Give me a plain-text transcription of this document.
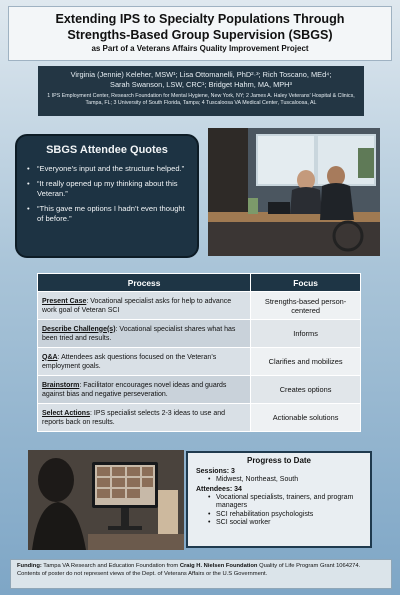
Extending IPS to Specialty Populations Through
Strengths-Based Group Supervision (SBGS)
as Part of a Veterans Affairs Quality Improvement Project
Virginia (Jennie) Keleher, MSW¹; Lisa Ottomanelli, PhD²·³; Rich Toscano, MEd⁴;
Sarah Swanson, LSW, CRC¹; Bridget Hahm, MA, MPH³
1 IPS Employment Center, Research Foundation for Mental Hygiene, New York, NY; 2 James A. Haley Veterans’ Hospital & Clinics, Tampa, FL; 3 University of South Florida, Tampa; 4 Tuscaloosa VA Medical Center, Tuscaloosa, AL
SBGS Attendee Quotes
• “Everyone’s input and the structure helped.”
• “It really opened up my thinking about this Veteran.”
• “This gave me options I hadn’t even thought of before.”
Process	Focus
Present Case: Vocational specialist asks for help to advance work goal of Veteran SCI	Strengths-based person-centered
Describe Challenge(s): Vocational specialist shares what has been tried and results.	Informs
Q&A: Attendees ask questions focused on the Veteran’s employment goals.	Clarifies and mobilizes
Brainstorm: Facilitator encourages novel ideas and guards against bias and negative perseveration.	Creates options
Select Actions: IPS specialist selects 2-3 ideas to use and reports back on results.	Actionable solutions
Progress to Date
Sessions: 3
• Midwest, Northeast, South
Attendees: 34
• Vocational specialists, trainers, and program managers
• SCI rehabilitation psychologists
• SCI social worker
Funding: Tampa VA Research and Education Foundation from Craig H. Nielsen Foundation Quality of Life Program Grant 1064274. Contents of poster do not represent views of the Dept. of Veterans Affairs or the U.S Government.
